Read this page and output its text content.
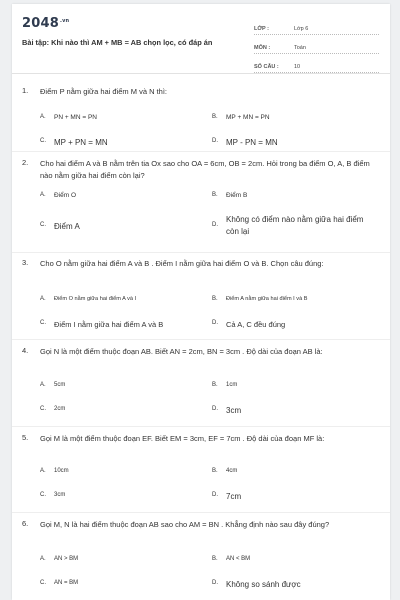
$2048^{.vn}$
Bài tập: Khi nào thì AM + MB = AB chọn lọc, có đáp án
LỚP :	Lớp 6
MÔN :	Toán
SỐ CÂU :	10
1. Điểm P nằm giữa hai điểm M và N thì:
A. PN + MN = PN	B. MP + MN = PN
C. MP + PN = MN	D. MP - PN = MN
2. Cho hai điểm A và B nằm trên tia Ox sao cho OA = 6cm, OB = 2cm. Hỏi trong ba điểm O, A, B điểm nào nằm giữa hai điểm còn lại?
A. Điểm O	B. Điểm B
C. Điểm A	D.
Không có điểm nào nằm giữa hai điểm còn lại
3. Cho O nằm giữa hai điểm A và B . Điểm I nằm giữa hai điểm O và B. Chọn câu đúng:
A. Điểm O nằm giữa hai điểm A và I	B. Điểm A nằm giữa hai điểm I và B
C. Điểm I nằm giữa hai điểm A và B	D. Cả A, C đều đúng
4. Gọi N là một điểm thuộc đoạn AB. Biết AN = 2cm, BN = 3cm . Độ dài của đoạn AB là:
A. 5cm	B. 1cm
C. 2cm	D. 3cm
5. Gọi M là một điểm thuộc đoạn EF. Biết EM = 3cm, EF = 7cm . Độ dài của đoạn MF là:
A. 10cm	B. 4cm
C. 3cm	D. 7cm
6. Gọi M, N là hai điểm thuộc đoạn AB sao cho AM = BN . Khẳng định nào sau đây đúng?
A. AN > BM	B. AN < BM
C. AN = BM	D. Không so sánh được
